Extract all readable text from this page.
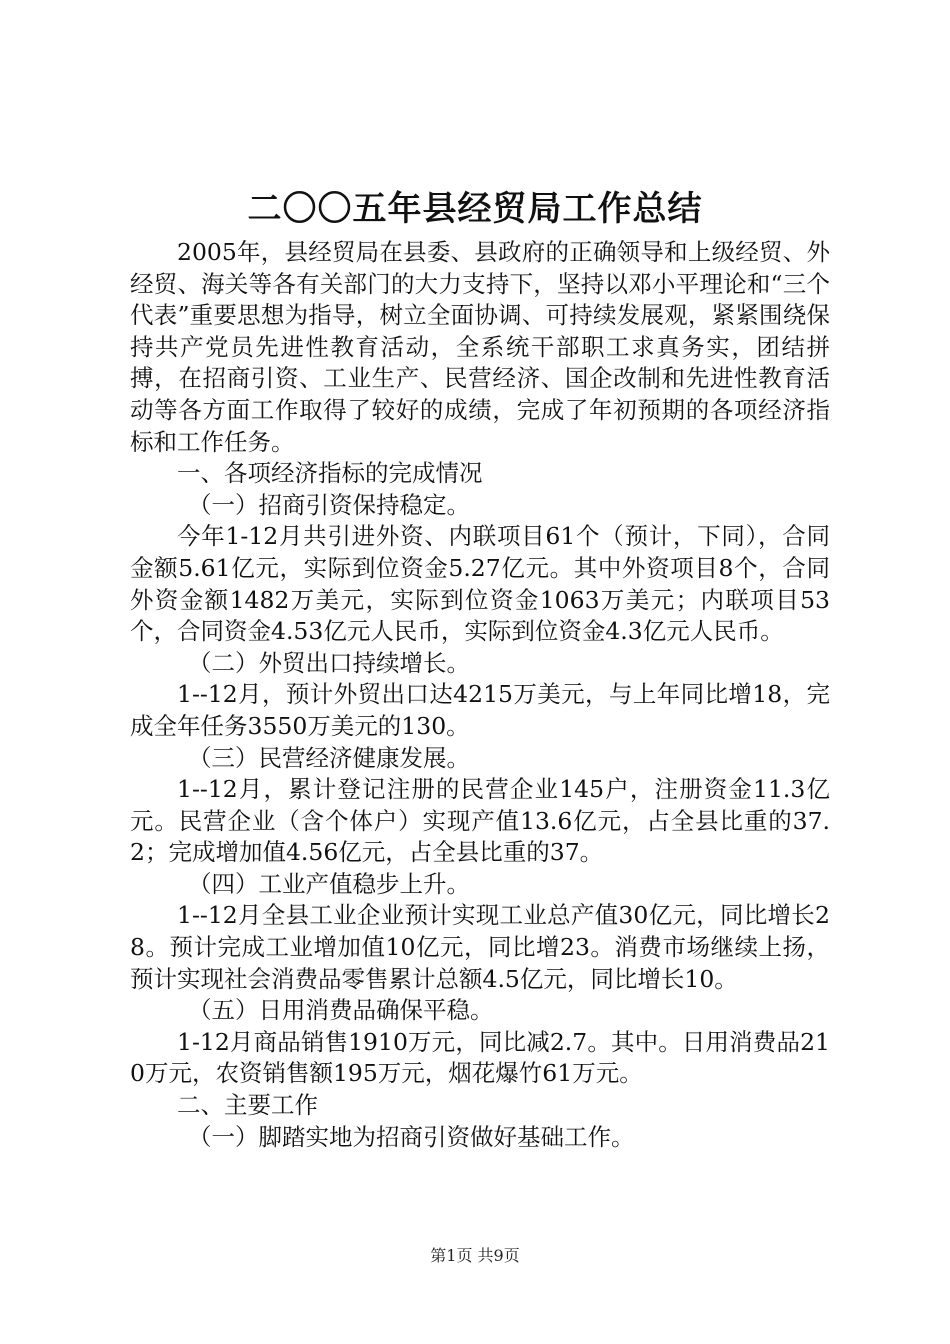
二〇〇五年县经贸局工作总结

2005年，县经贸局在县委、县政府的正确领导和上级经贸、外经贸、海关等各有关部门的大力支持下，坚持以邓小平理论和“三个代表”重要思想为指导，树立全面协调、可持续发展观，紧紧围绕保持共产党员先进性教育活动，全系统干部职工求真务实，团结拼搏，在招商引资、工业生产、民营经济、国企改制和先进性教育活动等各方面工作取得了较好的成绩，完成了年初预期的各项经济指标和工作任务。

一、各项经济指标的完成情况

（一）招商引资保持稳定。

今年1-12月共引进外资、内联项目61个（预计，下同），合同金额5.61亿元，实际到位资金5.27亿元。其中外资项目8个，合同外资金额1482万美元，实际到位资金1063万美元；内联项目53个，合同资金4.53亿元人民币，实际到位资金4.3亿元人民币。

（二）外贸出口持续增长。

1--12月，预计外贸出口达4215万美元，与上年同比增18，完成全年任务3550万美元的130。

（三）民营经济健康发展。

1--12月，累计登记注册的民营企业145户，注册资金11.3亿元。民营企业（含个体户）实现产值13.6亿元，占全县比重的37.2；完成增加值4.56亿元，占全县比重的37。

（四）工业产值稳步上升。

1--12月全县工业企业预计实现工业总产值30亿元，同比增长28。预计完成工业增加值10亿元，同比增23。消费市场继续上扬，预计实现社会消费品零售累计总额4.5亿元，同比增长10。

（五）日用消费品确保平稳。

1-12月商品销售1910万元，同比减2.7。其中。日用消费品210万元，农资销售额195万元，烟花爆竹61万元。

二、主要工作

（一）脚踏实地为招商引资做好基础工作。

第1页 共9页
